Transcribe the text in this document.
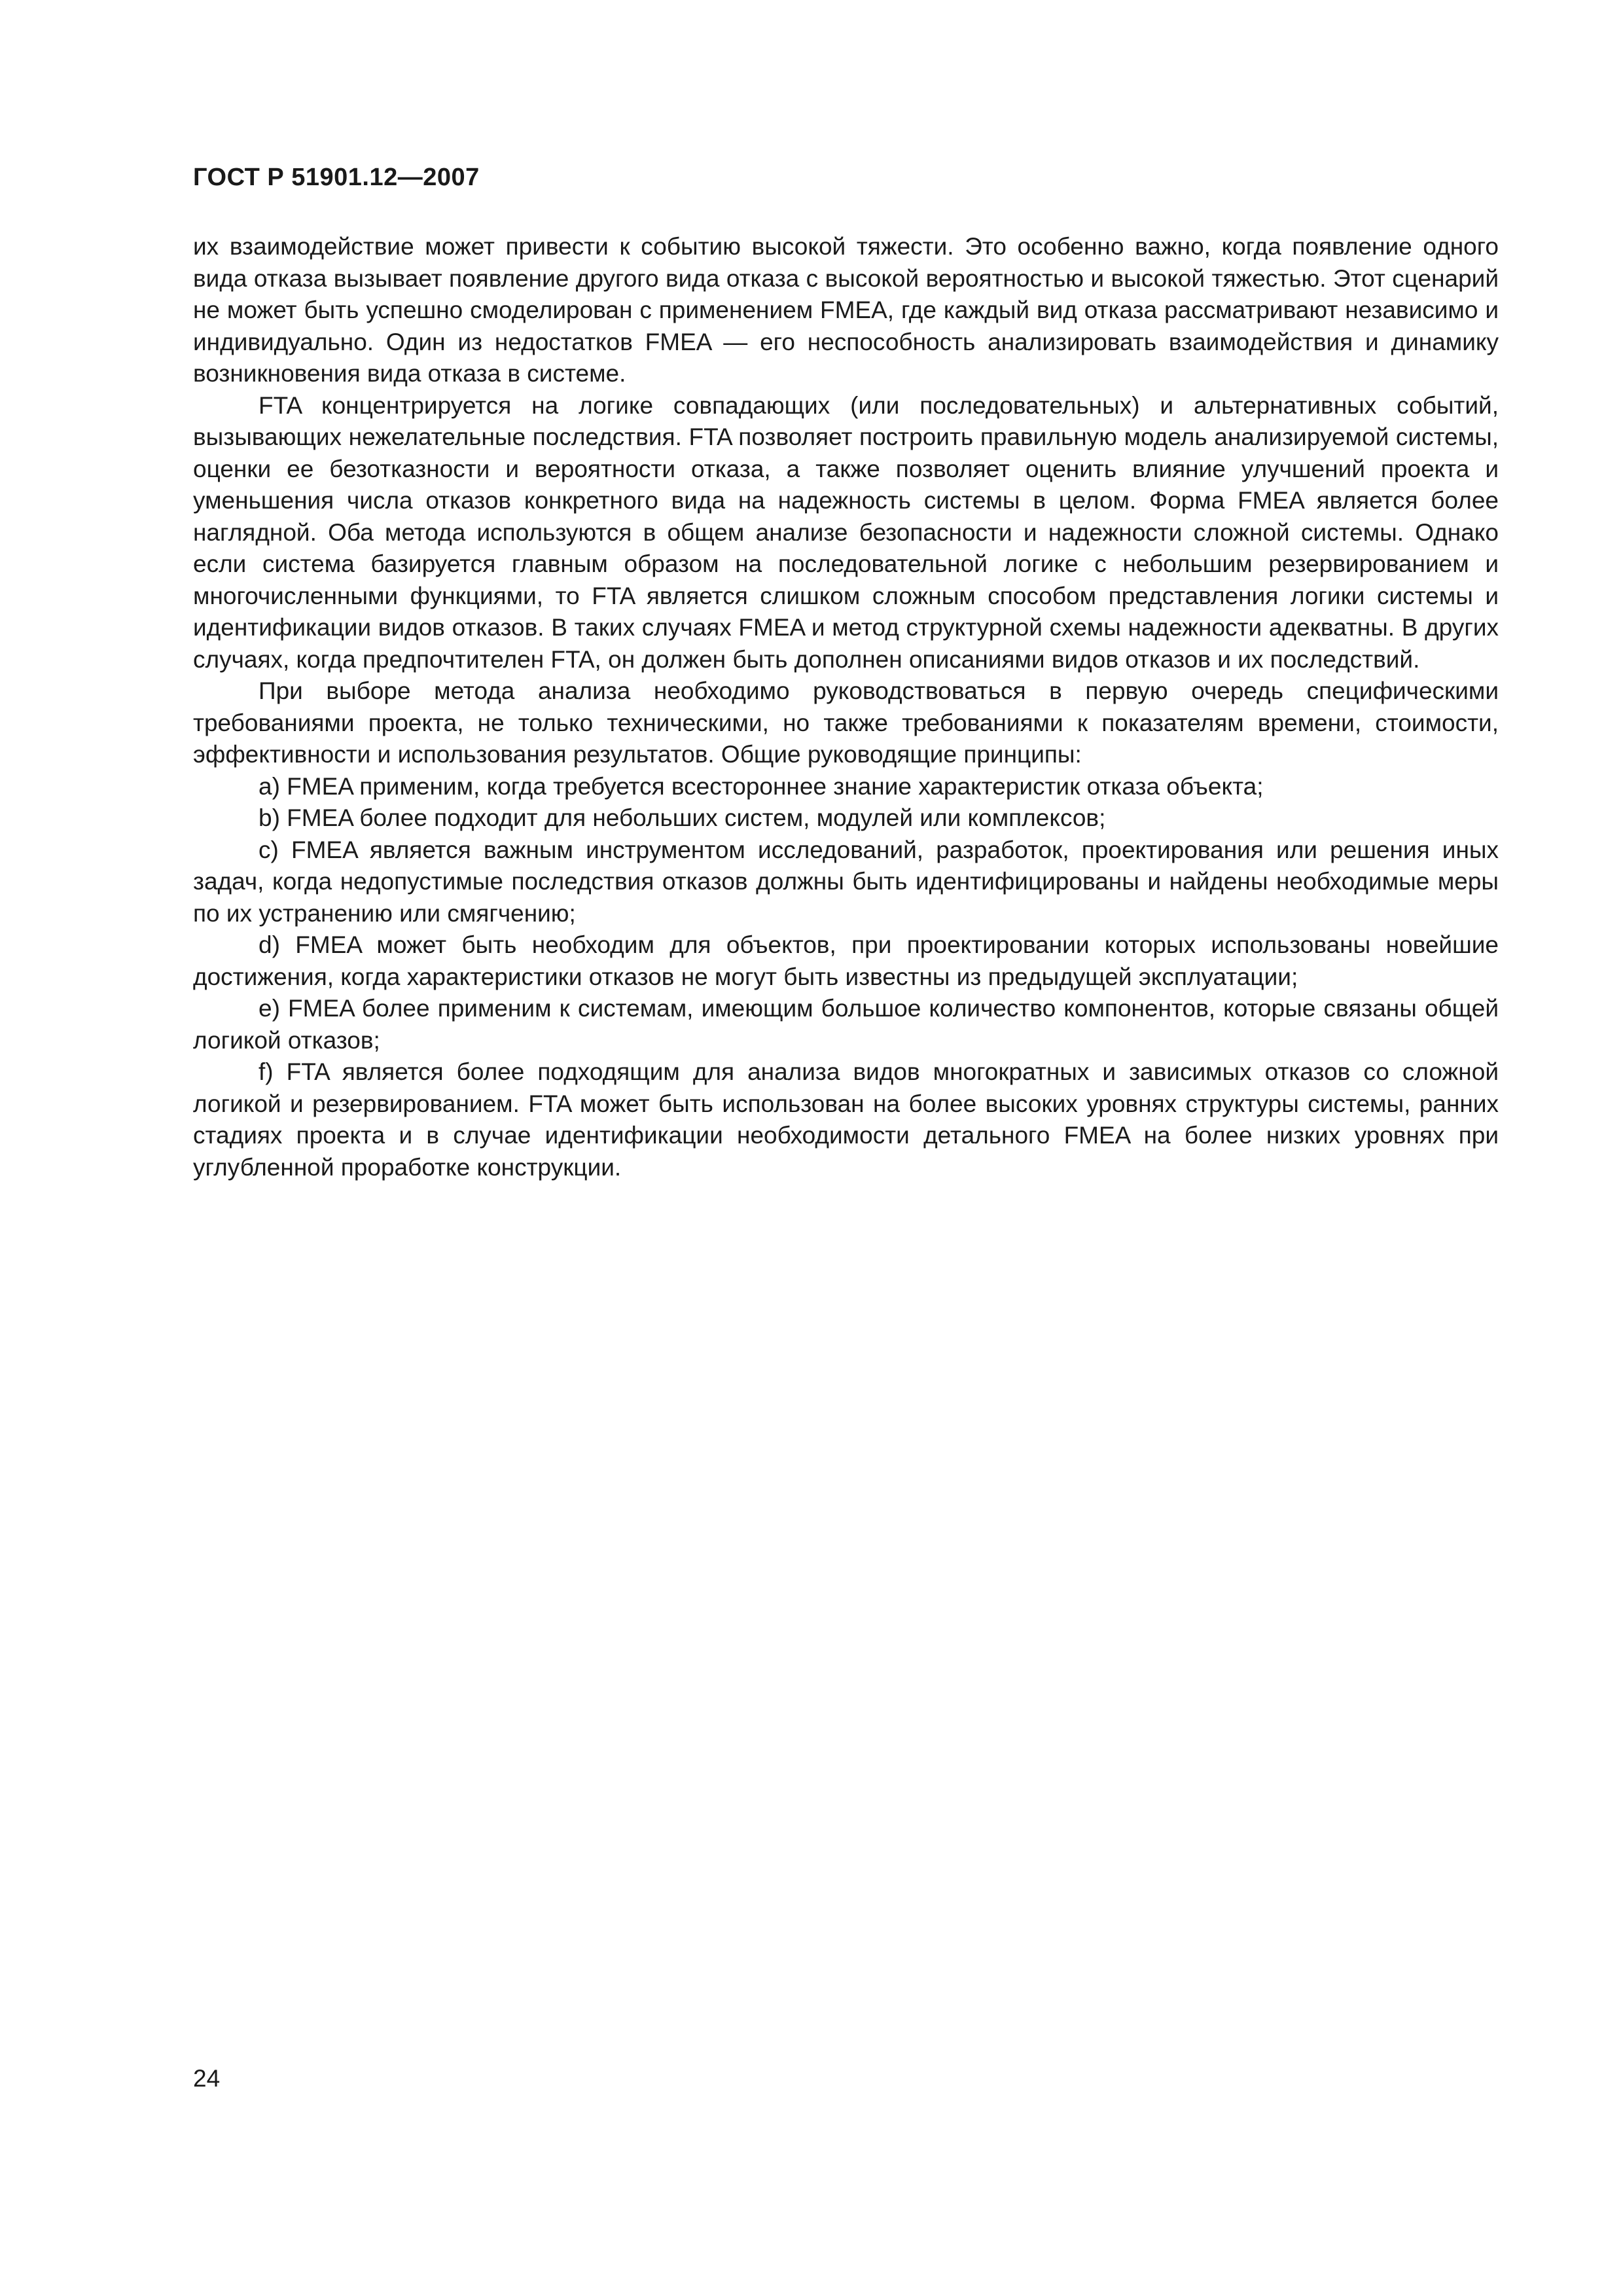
ГОСТ Р 51901.12—2007

их взаимодействие может привести к событию высокой тяжести. Это особенно важно, когда появление одного вида отказа вызывает появление другого вида отказа с высокой вероятностью и высокой тяжестью. Этот сценарий не может быть успешно смоделирован с применением FMEA, где каждый вид отказа рассматривают независимо и индивидуально. Один из недостатков FMEA — его неспособность анализировать взаимодействия и динамику возникновения вида отказа в системе.

FTA концентрируется на логике совпадающих (или последовательных) и альтернативных событий, вызывающих нежелательные последствия. FTA позволяет построить правильную модель анализируемой системы, оценки ее безотказности и вероятности отказа, а также позволяет оценить влияние улучшений проекта и уменьшения числа отказов конкретного вида на надежность системы в целом. Форма FMEA является более наглядной. Оба метода используются в общем анализе безопасности и надежности сложной системы. Однако если система базируется главным образом на последовательной логике с небольшим резервированием и многочисленными функциями, то FTA является слишком сложным способом представления логики системы и идентификации видов отказов. В таких случаях FMEA и метод структурной схемы надежности адекватны. В других случаях, когда предпочтителен FTA, он должен быть дополнен описаниями видов отказов и их последствий.

При выборе метода анализа необходимо руководствоваться в первую очередь специфическими требованиями проекта, не только техническими, но также требованиями к показателям времени, стоимости, эффективности и использования результатов. Общие руководящие принципы:

a) FMEA применим, когда требуется всестороннее знание характеристик отказа объекта;

b) FMEA более подходит для небольших систем, модулей или комплексов;

c) FMEA является важным инструментом исследований, разработок, проектирования или решения иных задач, когда недопустимые последствия отказов должны быть идентифицированы и найдены необходимые меры по их устранению или смягчению;

d) FMEA может быть необходим для объектов, при проектировании которых использованы новейшие достижения, когда характеристики отказов не могут быть известны из предыдущей эксплуатации;

e) FMEA более применим к системам, имеющим большое количество компонентов, которые связаны общей логикой отказов;

f) FTA является более подходящим для анализа видов многократных и зависимых отказов со сложной логикой и резервированием. FTA может быть использован на более высоких уровнях структуры системы, ранних стадиях проекта и в случае идентификации необходимости детального FMEA на более низких уровнях при углубленной проработке конструкции.

24
